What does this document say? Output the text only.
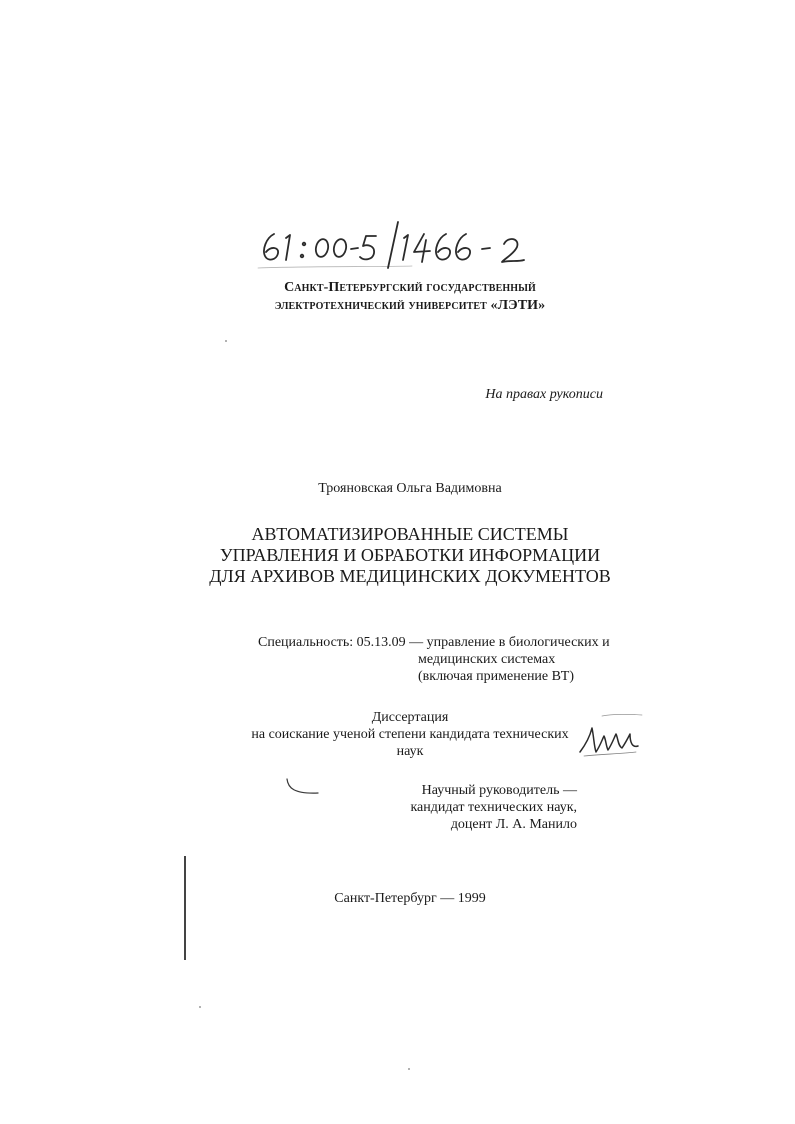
Санкт-Петербургский государственный
электротехнический университет «ЛЭТИ»
На правах рукописи
Трояновская Ольга Вадимовна
АВТОМАТИЗИРОВАННЫЕ СИСТЕМЫ
УПРАВЛЕНИЯ И ОБРАБОТКИ ИНФОРМАЦИИ
ДЛЯ АРХИВОВ МЕДИЦИНСКИХ ДОКУМЕНТОВ
Специальность: 05.13.09 — управление в биологических и
медицинских системах
(включая применение ВТ)
Диссертация
на соискание ученой степени кандидата технических наук
Научный руководитель —
кандидат технических наук,
доцент Л. А. Манило
Санкт-Петербург — 1999
